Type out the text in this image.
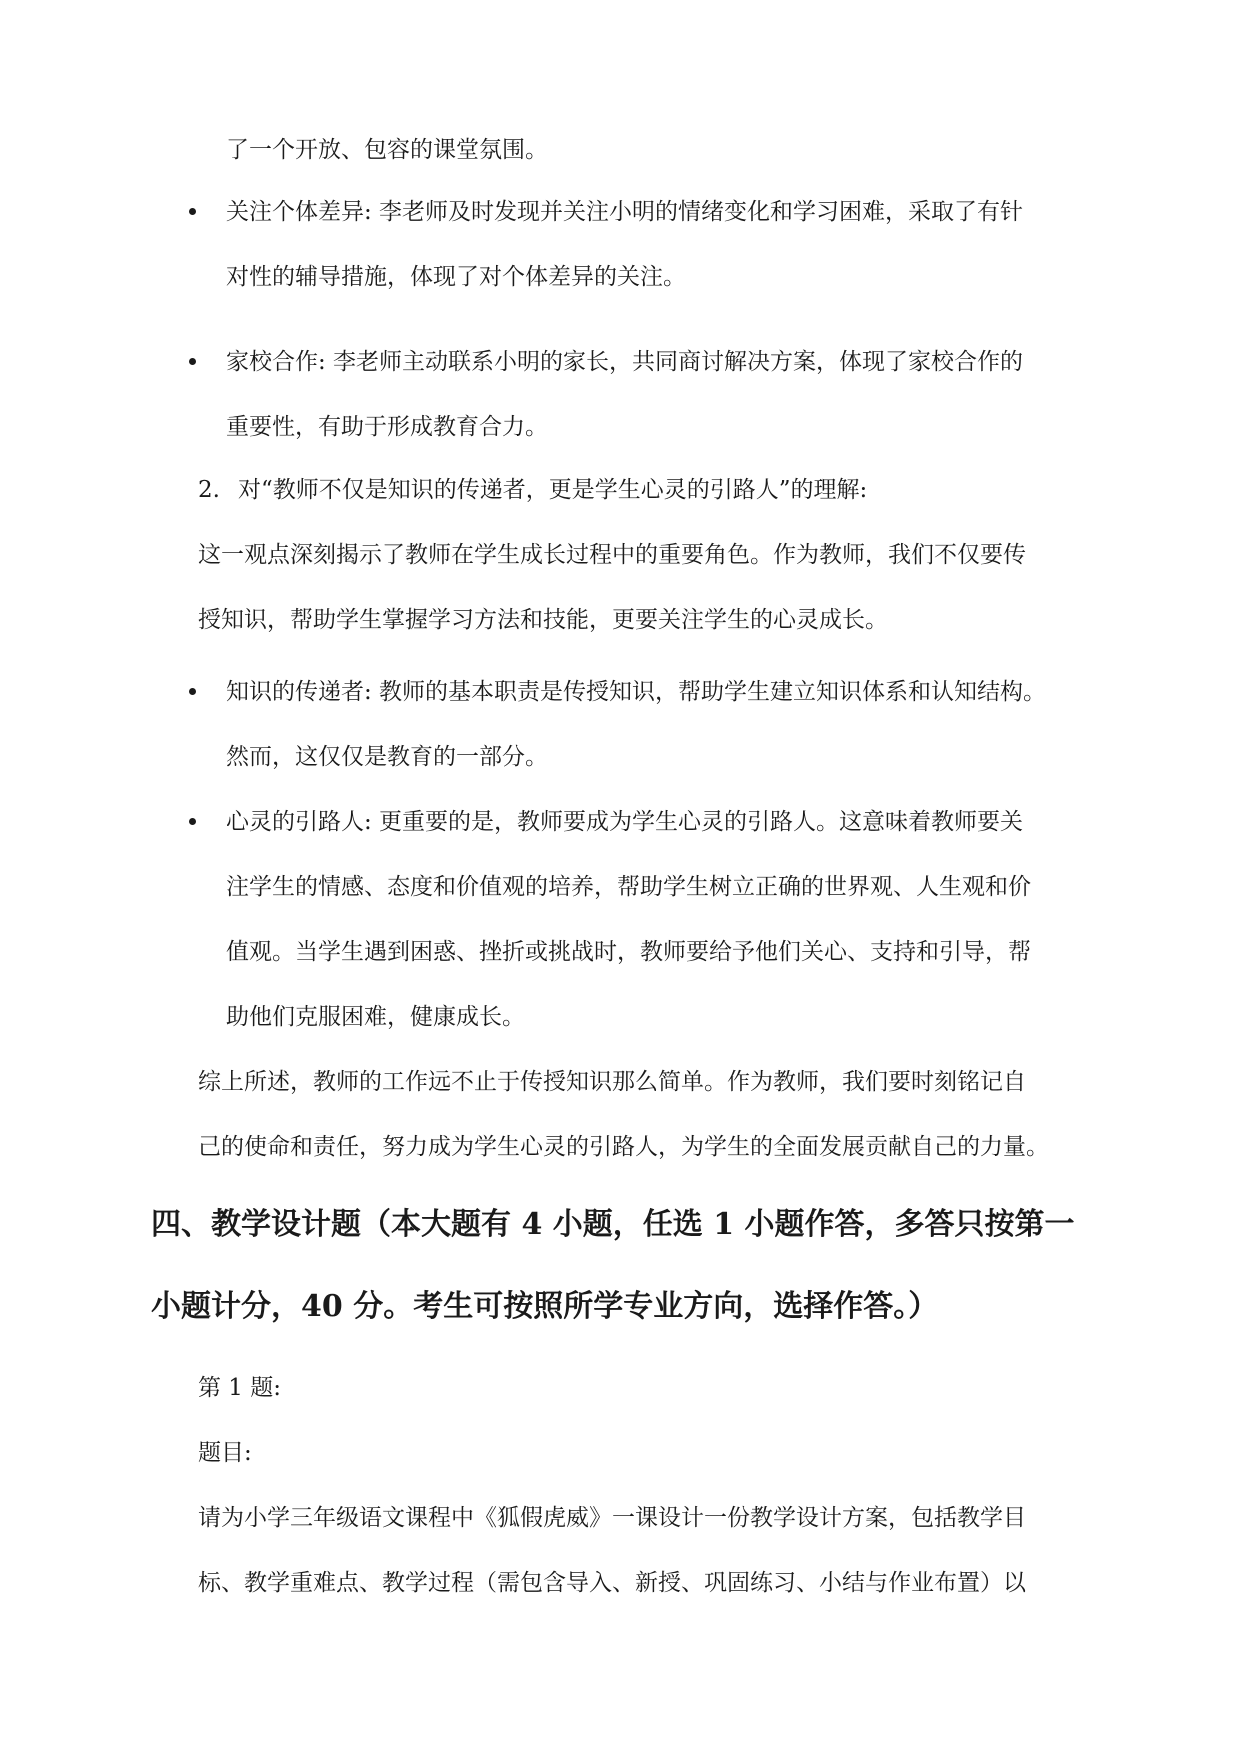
了一个开放、包容的课堂氛围。
关注个体差异: 李老师及时发现并关注小明的情绪变化和学习困难，采取了有针
对性的辅导措施，体现了对个体差异的关注。
家校合作: 李老师主动联系小明的家长，共同商讨解决方案，体现了家校合作的
重要性，有助于形成教育合力。
2. 对“教师不仅是知识的传递者，更是学生心灵的引路人”的理解:
这一观点深刻揭示了教师在学生成长过程中的重要角色。作为教师，我们不仅要传
授知识，帮助学生掌握学习方法和技能，更要关注学生的心灵成长。
知识的传递者: 教师的基本职责是传授知识，帮助学生建立知识体系和认知结构。
然而，这仅仅是教育的一部分。
心灵的引路人: 更重要的是，教师要成为学生心灵的引路人。这意味着教师要关
注学生的情感、态度和价值观的培养，帮助学生树立正确的世界观、人生观和价
值观。当学生遇到困惑、挫折或挑战时，教师要给予他们关心、支持和引导，帮
助他们克服困难，健康成长。
综上所述，教师的工作远不止于传授知识那么简单。作为教师，我们要时刻铭记自
己的使命和责任，努力成为学生心灵的引路人，为学生的全面发展贡献自己的力量。
四、教学设计题（本大题有 4 小题，任选 1 小题作答，多答只按第一
小题计分，40 分。考生可按照所学专业方向，选择作答。）
第 1 题:
题目:
请为小学三年级语文课程中《狐假虎威》一课设计一份教学设计方案，包括教学目
标、教学重难点、教学过程（需包含导入、新授、巩固练习、小结与作业布置）以
